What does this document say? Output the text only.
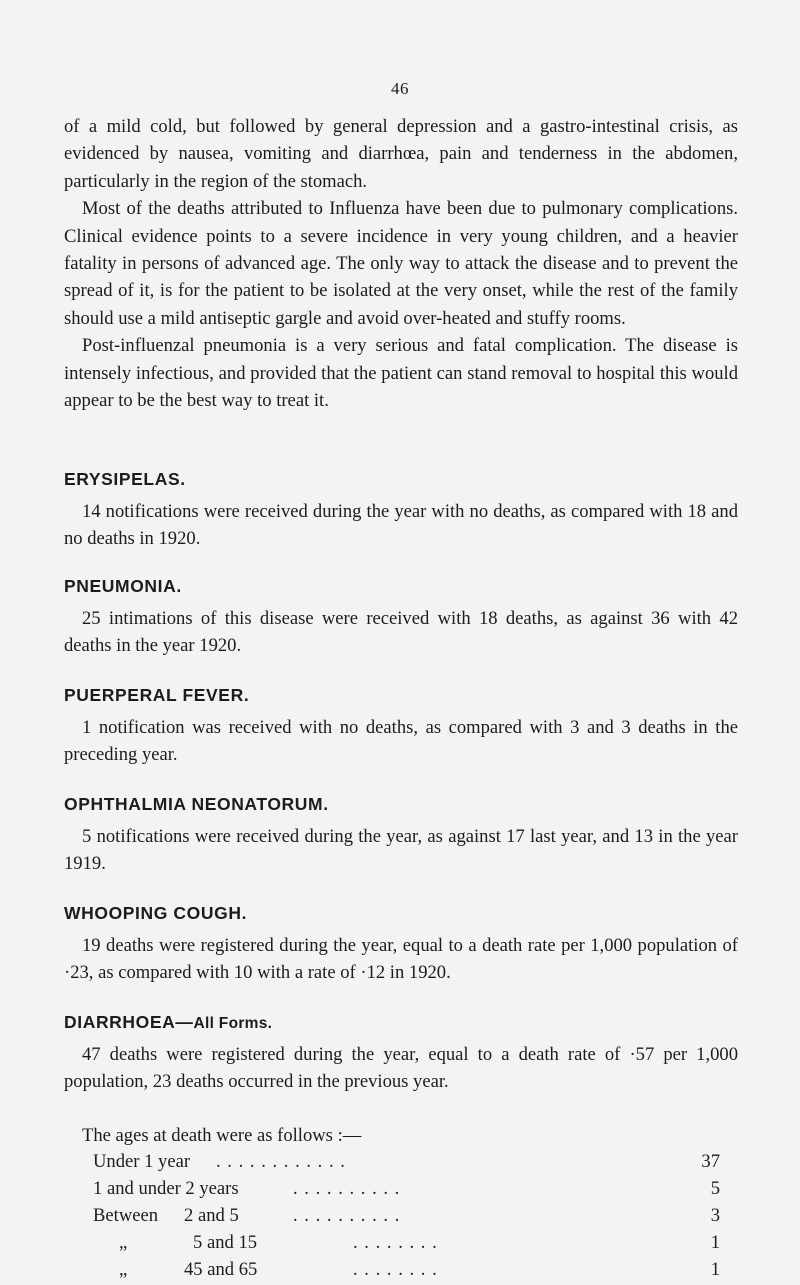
46

of a mild cold, but followed by general depression and a gastro-intestinal crisis, as evidenced by nausea, vomiting and diarrhœa, pain and tenderness in the abdomen, particularly in the region of the stomach.

Most of the deaths attributed to Influenza have been due to pulmonary complications. Clinical evidence points to a severe incidence in very young children, and a heavier fatality in persons of advanced age. The only way to attack the disease and to prevent the spread of it, is for the patient to be isolated at the very onset, while the rest of the family should use a mild antiseptic gargle and avoid over-heated and stuffy rooms.

Post-influenzal pneumonia is a very serious and fatal complication. The disease is intensely infectious, and provided that the patient can stand removal to hospital this would appear to be the best way to treat it.

ERYSIPELAS.

14 notifications were received during the year with no deaths, as compared with 18 and no deaths in 1920.

PNEUMONIA.

25 intimations of this disease were received with 18 deaths, as against 36 with 42 deaths in the year 1920.

PUERPERAL FEVER.

1 notification was received with no deaths, as compared with 3 and 3 deaths in the preceding year.

OPHTHALMIA NEONATORUM.

5 notifications were received during the year, as against 17 last year, and 13 in the year 1919.

WHOOPING COUGH.

19 deaths were registered during the year, equal to a death rate per 1,000 population of ·23, as compared with 10 with a rate of ·12 in 1920.

DIARRHOEA—All Forms.

47 deaths were registered during the year, equal to a death rate of ·57 per 1,000 population, 23 deaths occurred in the previous year.

The ages at death were as follows :—

Under 1 year . . . . . . . . . . . .	37
1 and under 2 years	. . . . . . . . . .	5
Between 2 and 5	. . . . . . . . . .	3
„	5 and 15	. . . . . . . .	1
„	45 and 65	. . . . . . . .	1
